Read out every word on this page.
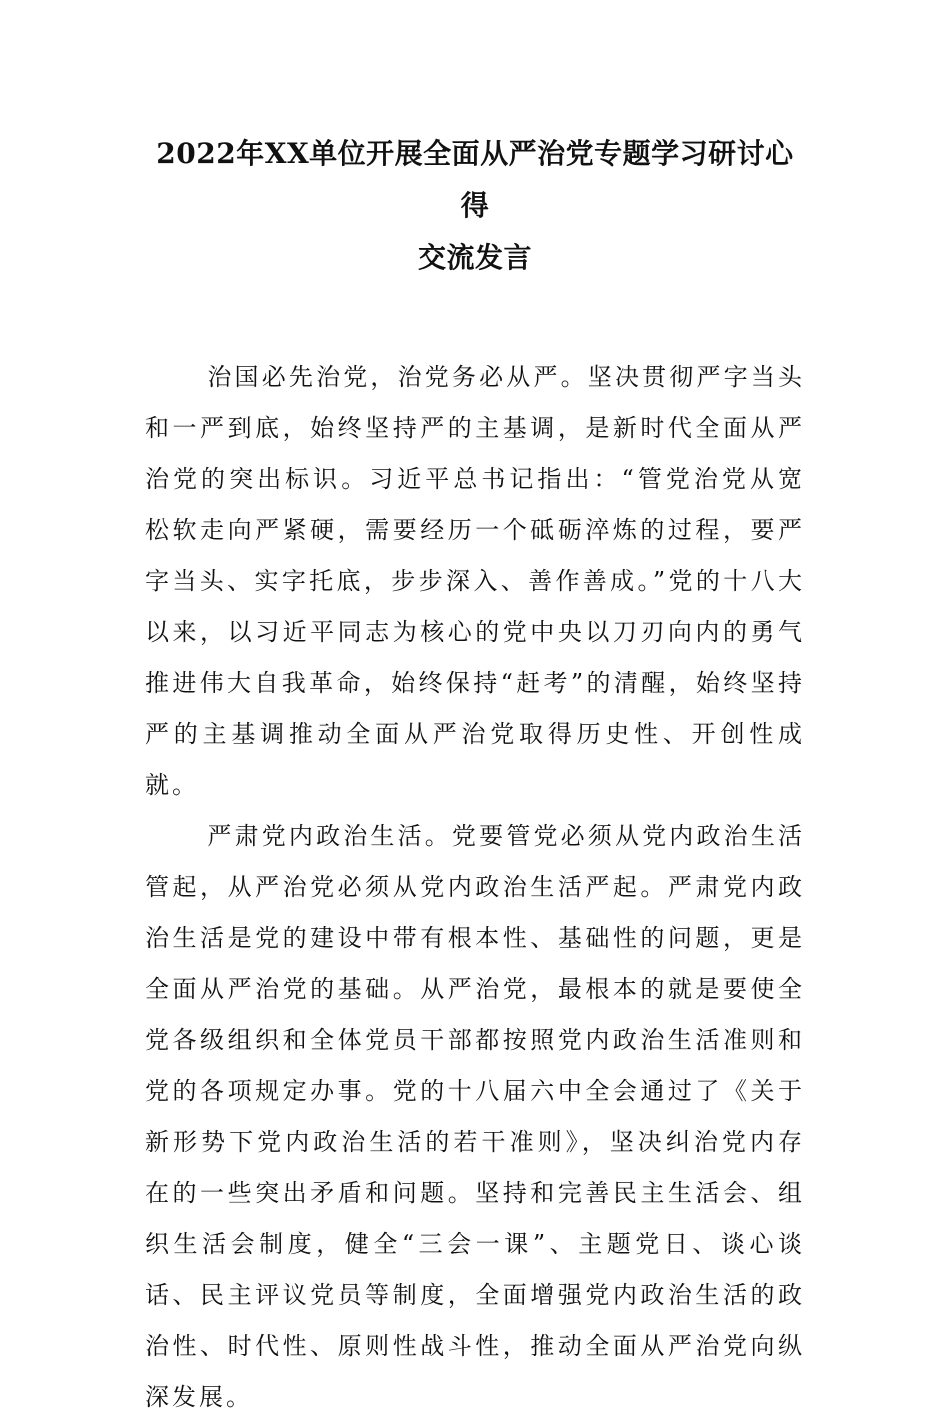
2022年XX单位开展全面从严治党专题学习研讨心得
交流发言

治国必先治党，治党务必从严。坚决贯彻严字当头和一严到底，始终坚持严的主基调，是新时代全面从严治党的突出标识。习近平总书记指出：“管党治党从宽松软走向严紧硬，需要经历一个砥砺淬炼的过程，要严字当头、实字托底，步步深入、善作善成。”党的十八大以来，以习近平同志为核心的党中央以刀刃向内的勇气推进伟大自我革命，始终保持“赶考”的清醒，始终坚持严的主基调推动全面从严治党取得历史性、开创性成就。

严肃党内政治生活。党要管党必须从党内政治生活管起，从严治党必须从党内政治生活严起。严肃党内政治生活是党的建设中带有根本性、基础性的问题，更是全面从严治党的基础。从严治党，最根本的就是要使全党各级组织和全体党员干部都按照党内政治生活准则和党的各项规定办事。党的十八届六中全会通过了《关于新形势下党内政治生活的若干准则》，坚决纠治党内存在的一些突出矛盾和问题。坚持和完善民主生活会、组织生活会制度，健全“三会一课”、主题党日、谈心谈话、民主评议党员等制度，全面增强党内政治生活的政治性、时代性、原则性战斗性，推动全面从严治党向纵深发展。
